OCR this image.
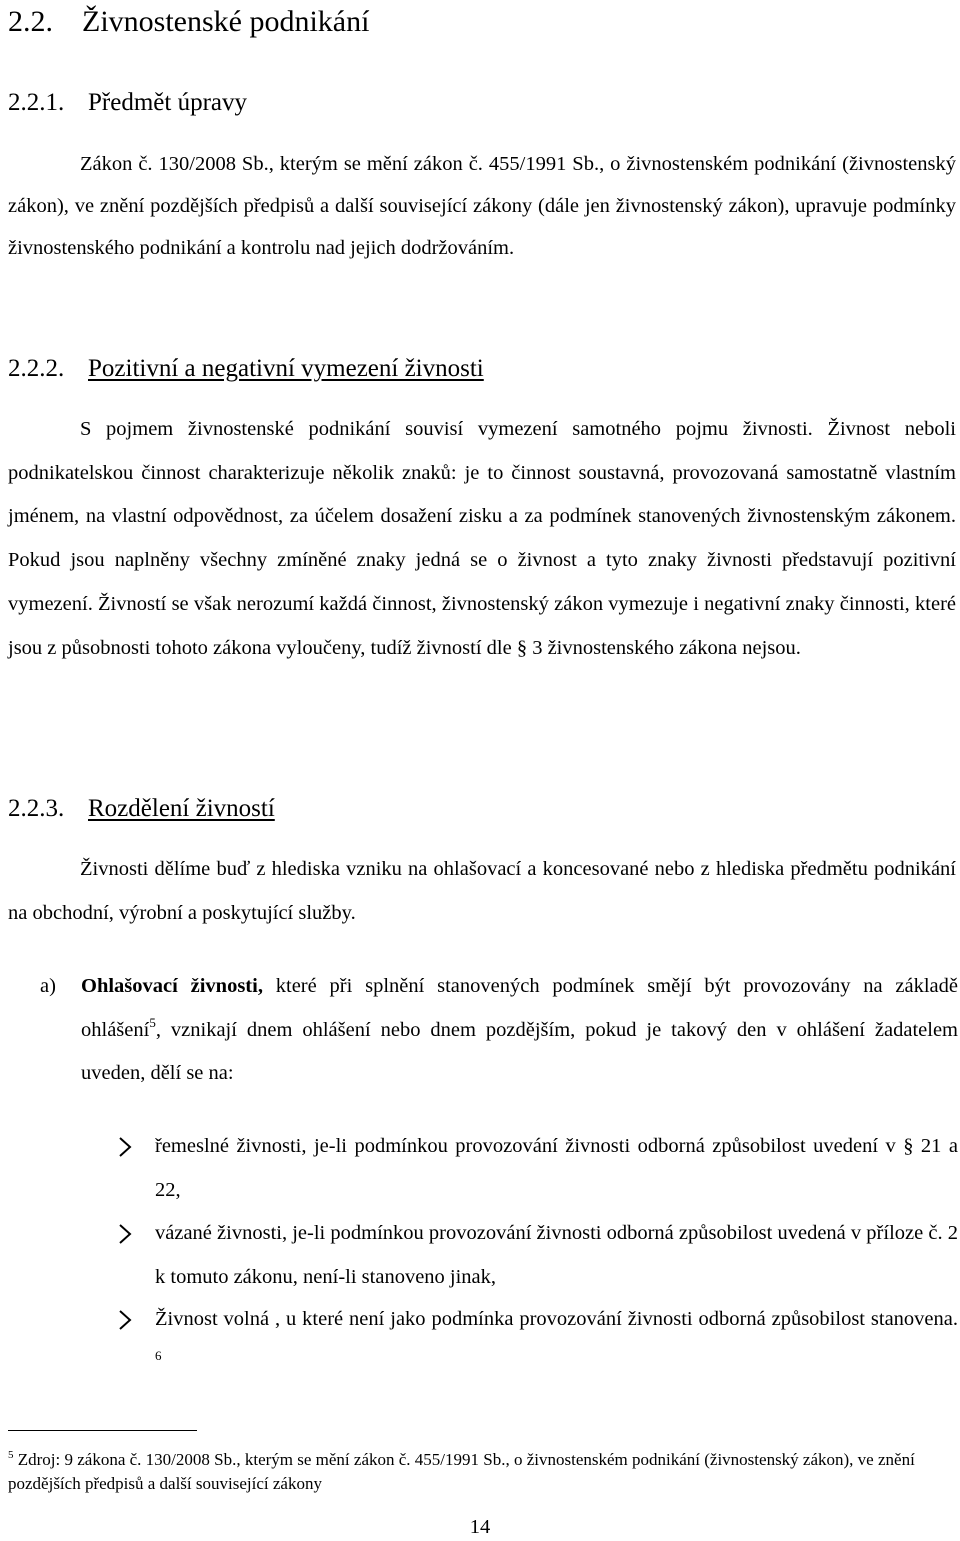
2.2. Živnostenské podnikání
2.2.1. Předmět úpravy

Zákon č. 130/2008 Sb., kterým se mění zákon č. 455/1991 Sb., o živnostenském podnikání (živnostenský zákon), ve znění pozdějších předpisů a další související zákony (dále jen živnostenský zákon), upravuje podmínky živnostenského podnikání a kontrolu nad jejich dodržováním.

2.2.2. Pozitivní a negativní vymezení živnosti

S pojmem živnostenské podnikání souvisí vymezení samotného pojmu živnosti. Živnost neboli podnikatelskou činnost charakterizuje několik znaků: je to činnost soustavná, provozovaná samostatně vlastním jménem, na vlastní odpovědnost, za účelem dosažení zisku a za podmínek stanovených živnostenským zákonem. Pokud jsou naplněny všechny zmíněné znaky jedná se o živnost a tyto znaky živnosti představují pozitivní vymezení. Živností se však nerozumí každá činnost, živnostenský zákon vymezuje i negativní znaky činnosti, které jsou z působnosti tohoto zákona vyloučeny, tudíž živností dle § 3 živnostenského zákona nejsou.

2.2.3. Rozdělení živností

Živnosti dělíme buď z hlediska vzniku na ohlašovací a koncesované nebo z hlediska předmětu podnikání na obchodní, výrobní a poskytující služby.

a) Ohlašovací živnosti, které při splnění stanovených podmínek smějí být provozovány na základě ohlášení$^5$, vznikají dnem ohlášení nebo dnem pozdějším, pokud je takový den v ohlášení žadatelem uveden, dělí se na:
řemeslné živnosti, je-li podmínkou provozování živnosti odborná způsobilost uvedení v § 21 a 22,
vázané živnosti, je-li podmínkou provozování živnosti odborná způsobilost uvedená v příloze č. 2 k tomuto zákonu, není-li stanoveno jinak,
Živnost volná , u které není jako podmínka provozování živnosti odborná způsobilost stanovena. $^6$
$^5$ Zdroj: 9 zákona č. 130/2008 Sb., kterým se mění zákon č. 455/1991 Sb., o živnostenském podnikání (živnostenský zákon), ve znění pozdějších předpisů a další související zákony
14
